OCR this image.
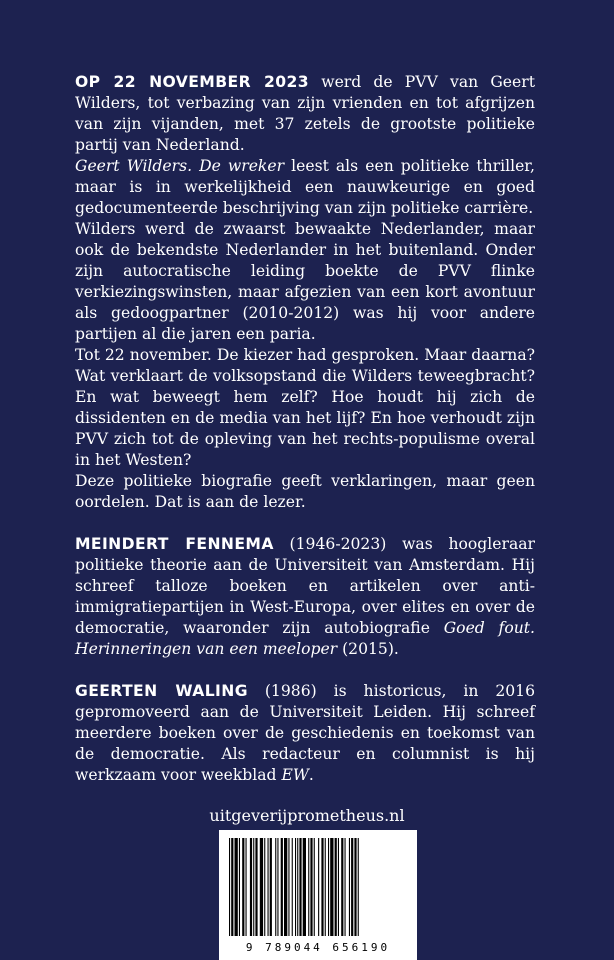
OP 22 NOVEMBER 2023 werd de PVV van Geert Wilders, tot verbazing van zijn vrienden en tot afgrijzen van zijn vijanden, met 37 zetels de grootste politieke partij van Nederland.

Geert Wilders. De wreker leest als een politieke thriller, maar is in werkelijkheid een nauwkeurige en goed gedocumenteerde beschrijving van zijn politieke carrière.

Wilders werd de zwaarst bewaakte Nederlander, maar ook de bekendste Nederlander in het buitenland. Onder zijn autocratische leiding boekte de PVV flinke verkiezingswinsten, maar afgezien van een kort avontuur als gedoogpartner (2010-2012) was hij voor andere partijen al die jaren een paria.

Tot 22 november. De kiezer had gesproken. Maar daarna? Wat verklaart de volksopstand die Wilders teweegbracht? En wat beweegt hem zelf? Hoe houdt hij zich de dissidenten en de media van het lijf? En hoe verhoudt zijn PVV zich tot de opleving van het rechts-populisme overal in het Westen?

Deze politieke biografie geeft verklaringen, maar geen oordelen. Dat is aan de lezer.

MEINDERT FENNEMA (1946-2023) was hoogleraar politieke theorie aan de Universiteit van Amsterdam. Hij schreef talloze boeken en artikelen over anti-immigratiepartijen in West-Europa, over elites en over de democratie, waaronder zijn autobiografie Goed fout. Herinneringen van een meeloper (2015).

GEERTEN WALING (1986) is historicus, in 2016 gepromoveerd aan de Universiteit Leiden. Hij schreef meerdere boeken over de geschiedenis en toekomst van de democratie. Als redacteur en columnist is hij werkzaam voor weekblad EW.

uitgeverijprometheus.nl
9 789044 656190
